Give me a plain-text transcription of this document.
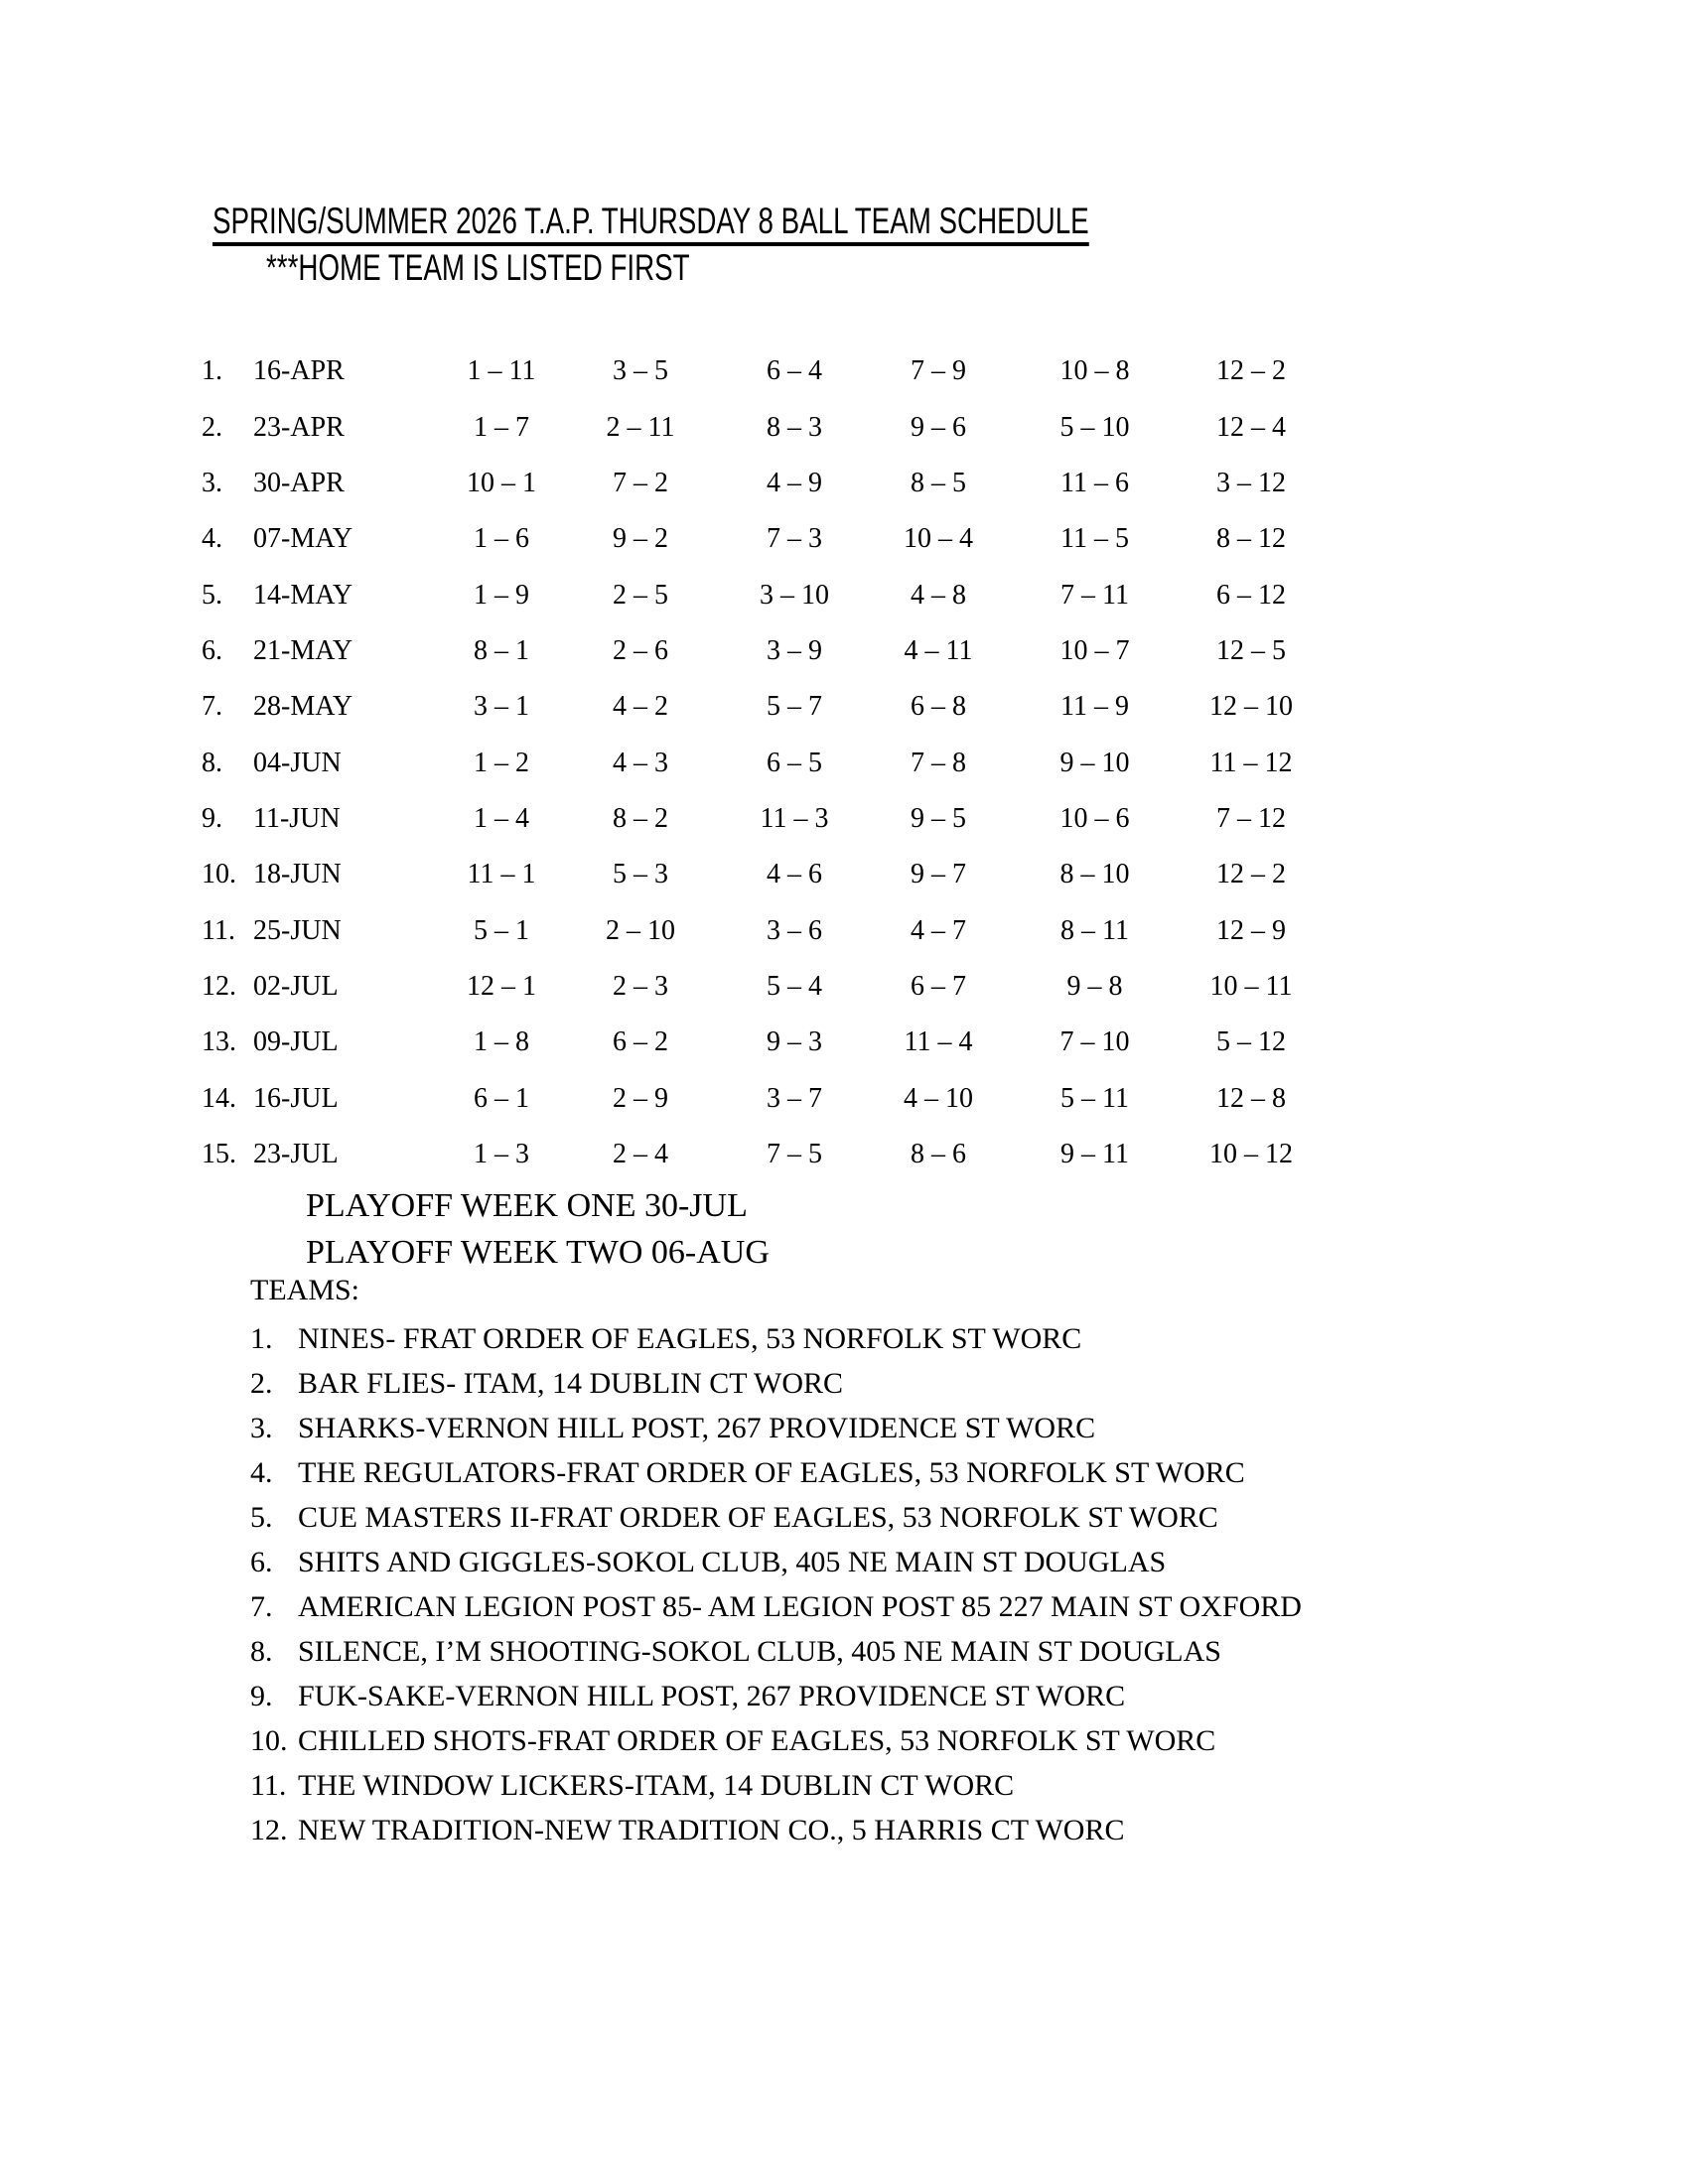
SPRING/SUMMER 2026 T.A.P. THURSDAY 8 BALL TEAM SCHEDULE
***HOME TEAM IS LISTED FIRST
1.	16-APR	1 – 11	3 – 5	6 – 4	7 – 9	10 – 8	12 – 2
2.	23-APR	1 – 7	2 – 11	8 – 3	9 – 6	5 – 10	12 – 4
3.	30-APR	10 – 1	7 – 2	4 – 9	8 – 5	11 – 6	3 – 12
4.	07-MAY	1 – 6	9 – 2	7 – 3	10 – 4	11 – 5	8 – 12
5.	14-MAY	1 – 9	2 – 5	3 – 10	4 – 8	7 – 11	6 – 12
6.	21-MAY	8 – 1	2 – 6	3 – 9	4 – 11	10 – 7	12 – 5
7.	28-MAY	3 – 1	4 – 2	5 – 7	6 – 8	11 – 9	12 – 10
8.	04-JUN	1 – 2	4 – 3	6 – 5	7 – 8	9 – 10	11 – 12
9.	11-JUN	1 – 4	8 – 2	11 – 3	9 – 5	10 – 6	7 – 12
10. 18-JUN	11 – 1	5 – 3	4 – 6	9 – 7	8 – 10	12 – 2
11. 25-JUN	5 – 1	2 – 10	3 – 6	4 – 7	8 – 11	12 – 9
12. 02-JUL	12 – 1	2 – 3	5 – 4	6 – 7	9 – 8	10 – 11
13. 09-JUL	1 – 8	6 – 2	9 – 3	11 – 4	7 – 10	5 – 12
14. 16-JUL	6 – 1	2 – 9	3 – 7	4 – 10	5 – 11	12 – 8
15. 23-JUL	1 – 3	2 – 4	7 – 5	8 – 6	9 – 11	10 – 12
PLAYOFF WEEK ONE 30-JUL
PLAYOFF WEEK TWO 06-AUG
TEAMS:
1. NINES- FRAT ORDER OF EAGLES, 53 NORFOLK ST WORC
2. BAR FLIES- ITAM, 14 DUBLIN CT WORC
3. SHARKS-VERNON HILL POST, 267 PROVIDENCE ST WORC
4. THE REGULATORS-FRAT ORDER OF EAGLES, 53 NORFOLK ST WORC
5. CUE MASTERS II-FRAT ORDER OF EAGLES, 53 NORFOLK ST WORC
6. SHITS AND GIGGLES-SOKOL CLUB, 405 NE MAIN ST DOUGLAS
7. AMERICAN LEGION POST 85- AM LEGION POST 85 227 MAIN ST OXFORD
8. SILENCE, I’M SHOOTING-SOKOL CLUB, 405 NE MAIN ST DOUGLAS
9. FUK-SAKE-VERNON HILL POST, 267 PROVIDENCE ST WORC
10. CHILLED SHOTS-FRAT ORDER OF EAGLES, 53 NORFOLK ST WORC
11. THE WINDOW LICKERS-ITAM, 14 DUBLIN CT WORC
12. NEW TRADITION-NEW TRADITION CO., 5 HARRIS CT WORC
